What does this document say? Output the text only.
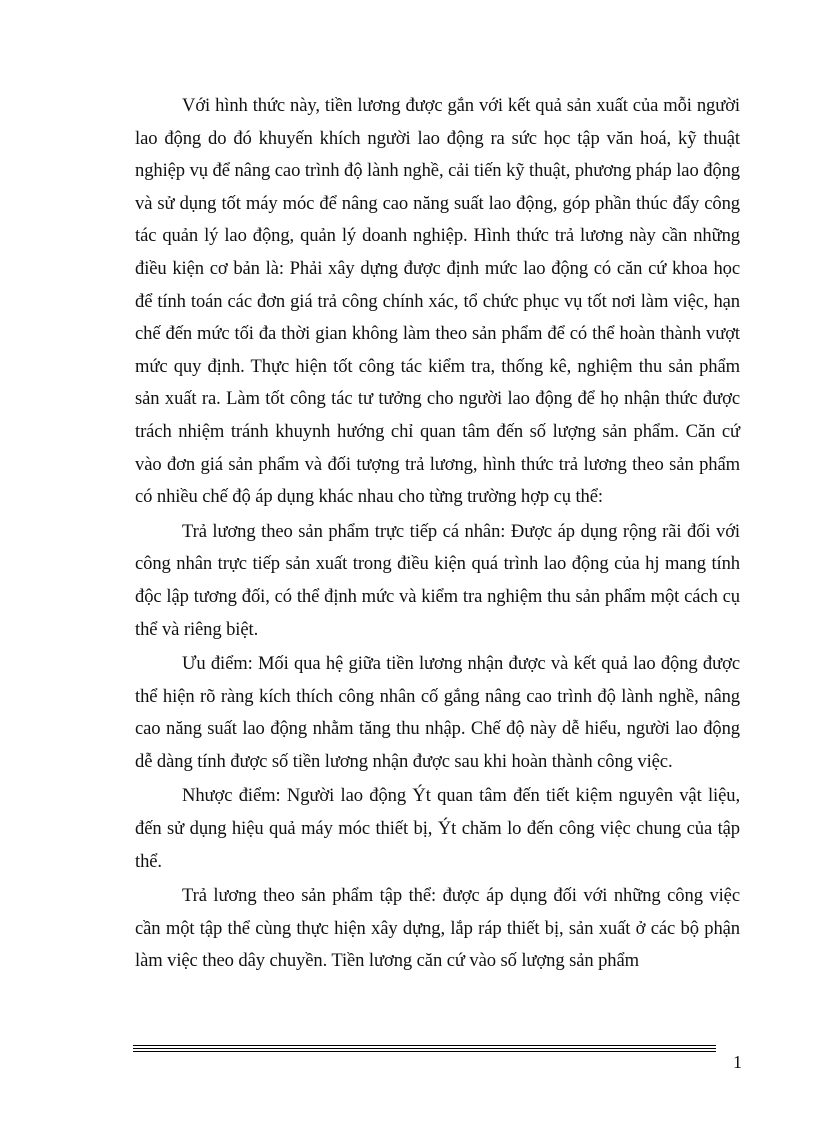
Với hình thức này, tiền lương được gắn với kết quả sản xuất của mỗi người lao động do đó khuyến khích người lao động ra sức học tập văn hoá, kỹ thuật nghiệp vụ để nâng cao trình độ lành nghề, cải tiến kỹ thuật, phương pháp lao động và sử dụng tốt máy móc để nâng cao năng suất lao động, góp phần thúc đẩy công tác quản lý lao động, quản lý doanh nghiệp. Hình thức trả lương này cần những điều kiện cơ bản là: Phải xây dựng được định mức lao động có căn cứ khoa học để tính toán các đơn giá trả công chính xác, tổ chức phục vụ tốt nơi làm việc, hạn chế đến mức tối đa thời gian không làm theo sản phẩm để có thể hoàn thành vượt mức quy định. Thực hiện tốt công tác kiểm tra, thống kê, nghiệm thu sản phẩm sản xuất ra. Làm tốt công tác tư tưởng cho người lao động để họ nhận thức được trách nhiệm tránh khuynh hướng chỉ quan tâm đến số lượng sản phẩm. Căn cứ vào đơn giá sản phẩm và đối tượng trả lương, hình thức trả lương theo sản phẩm có nhiều chế độ áp dụng khác nhau cho từng trường hợp cụ thể:

Trả lương theo sản phẩm trực tiếp cá nhân: Được áp dụng rộng rãi đối với công nhân trực tiếp sản xuất trong điều kiện quá trình lao động của hj mang tính độc lập tương đối, có thể định mức và kiểm tra nghiệm thu sản phẩm một cách cụ thể và riêng biệt.

Ưu điểm: Mối qua hệ giữa tiền lương nhận được và kết quả lao động được thể hiện rõ ràng kích thích công nhân cố gắng nâng cao trình độ lành nghề, nâng cao năng suất lao động nhằm tăng thu nhập. Chế độ này dễ hiểu, người lao động dễ dàng tính được số tiền lương nhận được sau khi hoàn thành công việc.

Nhược điểm: Người lao động Ýt quan tâm đến tiết kiệm nguyên vật liệu, đến sử dụng hiệu quả máy móc thiết bị, Ýt chăm lo đến công việc chung của tập thể.

Trả lương theo sản phẩm tập thể: được áp dụng đối với những công việc cần một tập thể cùng thực hiện xây dựng, lắp ráp thiết bị, sản xuất ở các bộ phận làm việc theo dây chuyền. Tiền lương căn cứ vào số lượng sản phẩm

1
